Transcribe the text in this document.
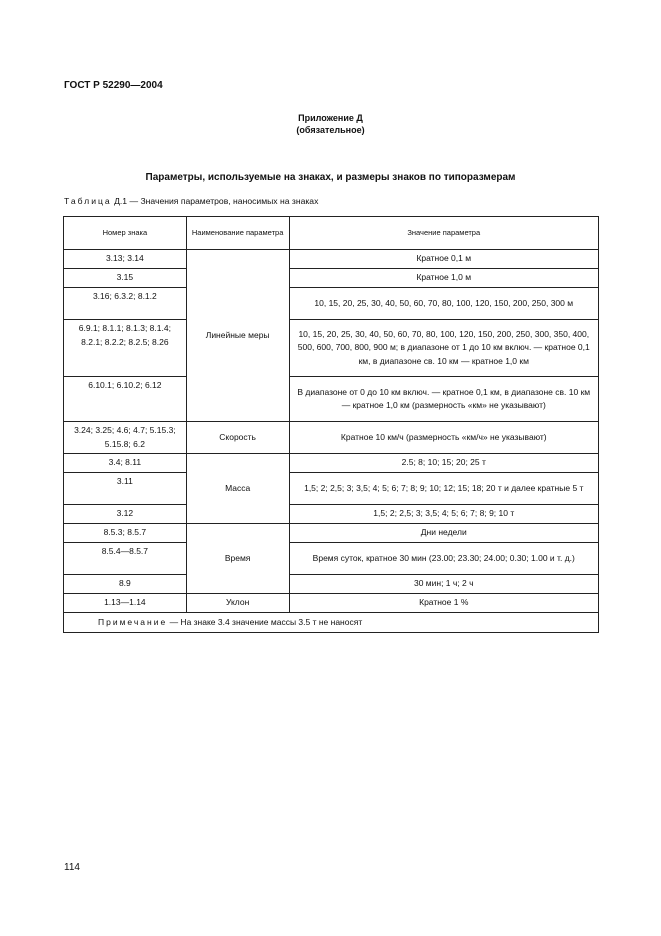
ГОСТ Р 52290—2004
Приложение Д
(обязательное)
Параметры, используемые на знаках, и размеры знаков по типоразмерам
Таблица Д.1 — Значения параметров, наносимых на знаках
Номер знака	Наименование параметра	Значение параметра
3.13; 3.14	Линейные меры	Кратное 0,1 м
3.15		Кратное 1,0 м
3.16; 6.3.2; 8.1.2		10, 15, 20, 25, 30, 40, 50, 60, 70, 80, 100, 120, 150, 200, 250, 300 м
6.9.1; 8.1.1; 8.1.3; 8.1.4; 8.2.1; 8.2.2; 8.2.5; 8.26		10, 15, 20, 25, 30, 40, 50, 60, 70, 80, 100, 120, 150, 200, 250, 300, 350, 400, 500, 600, 700, 800, 900 м; в диапазоне от 1 до 10 км включ. — кратное 0,1 км, в диапазоне св. 10 км — кратное 1,0 км
6.10.1; 6.10.2; 6.12		В диапазоне от 0 до 10 км включ. — кратное 0,1 км, в диапазоне св. 10 км — кратное 1,0 км (размерность «км» не указывают)
3.24; 3.25; 4.6; 4.7; 5.15.3; 5.15.8; 6.2	Скорость	Кратное 10 км/ч (размерность «км/ч» не указывают)
3.4; 8.11	Масса	2.5; 8; 10; 15; 20; 25 т
3.11		1,5; 2; 2,5; 3; 3,5; 4; 5; 6; 7; 8; 9; 10; 12; 15; 18; 20 т и далее кратные 5 т
3.12		1,5; 2; 2,5; 3; 3,5; 4; 5; 6; 7; 8; 9; 10 т
8.5.3; 8.5.7	Время	Дни недели
8.5.4—8.5.7		Время суток, кратное 30 мин (23.00; 23.30; 24.00; 0.30; 1.00 и т. д.)
8.9		30 мин; 1 ч; 2 ч
1.13—1.14	Уклон	Кратное 1 %
Примечание — На знаке 3.4 значение массы 3.5 т не наносят		
114
